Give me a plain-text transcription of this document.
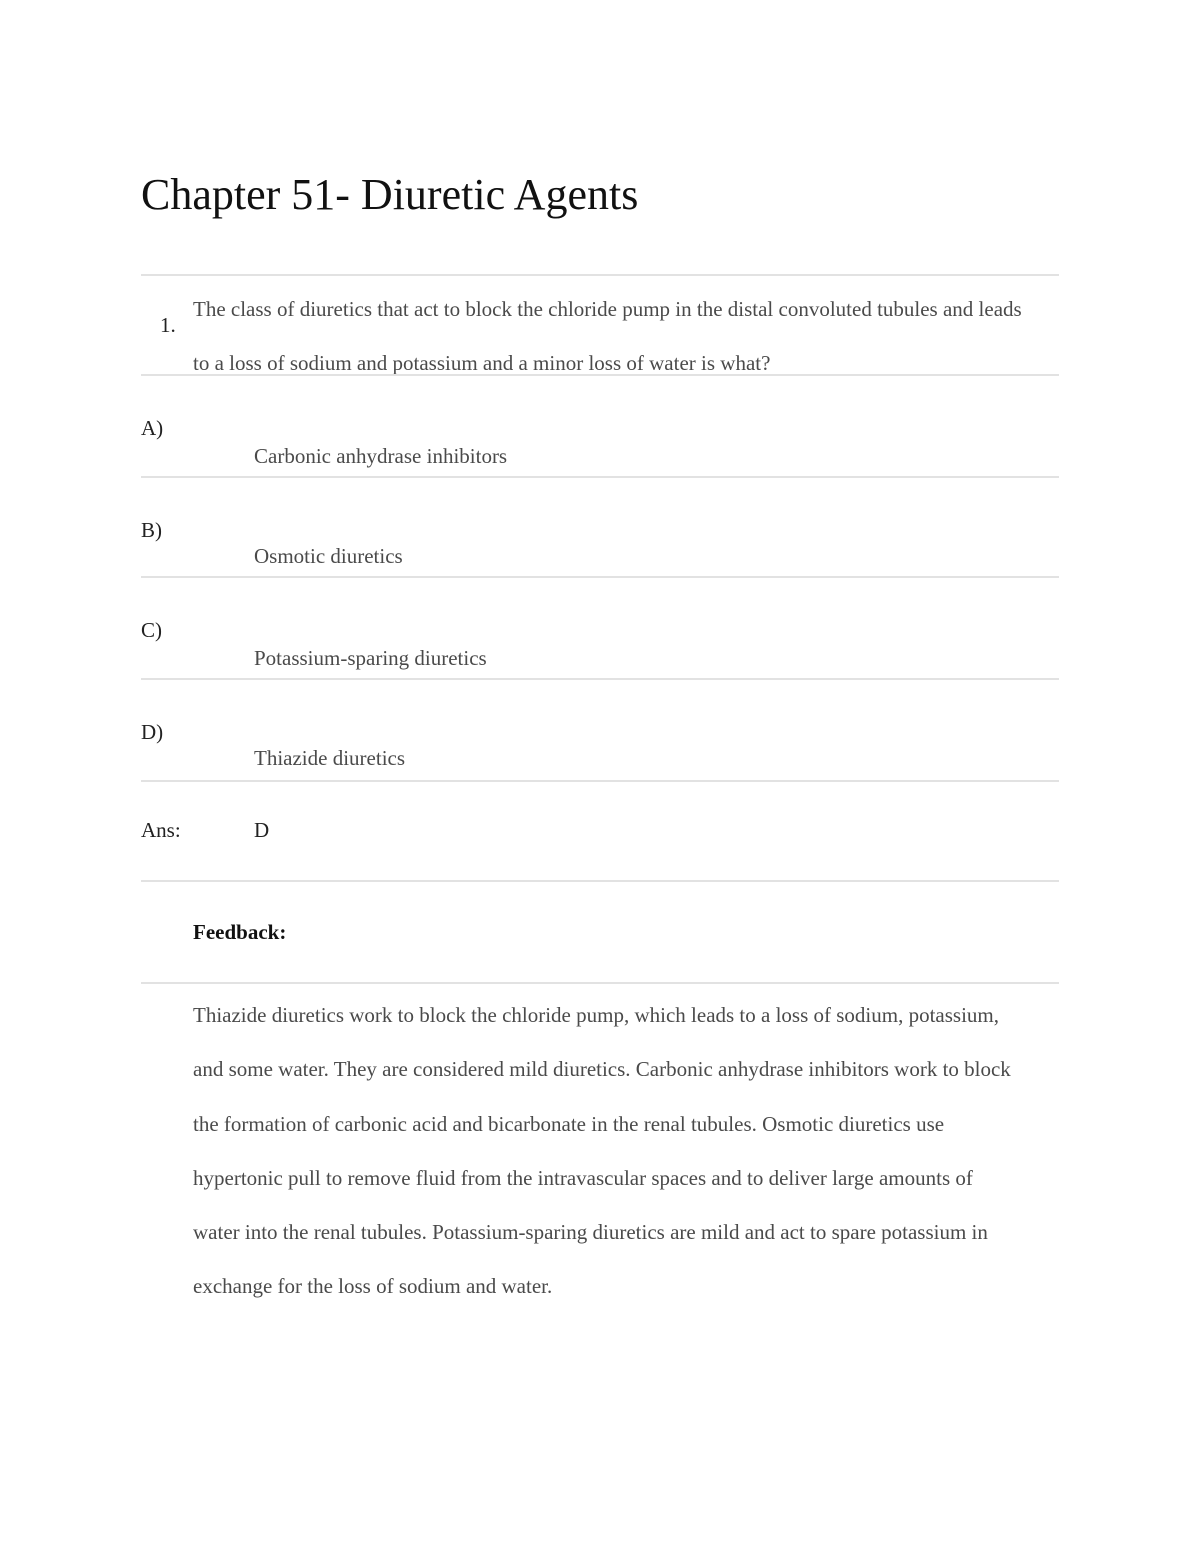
Chapter 51- Diuretic Agents
1.
The class of diuretics that act to block the chloride pump in the distal convoluted tubules and leads to a loss of sodium and potassium and a minor loss of water is what?
A)
Carbonic anhydrase inhibitors
B)
Osmotic diuretics
C)
Potassium-sparing diuretics
D)
Thiazide diuretics
Ans:	D
Feedback:
Thiazide diuretics work to block the chloride pump, which leads to a loss of sodium, potassium, and some water. They are considered mild diuretics. Carbonic anhydrase inhibitors work to block the formation of carbonic acid and bicarbonate in the renal tubules. Osmotic diuretics use hypertonic pull to remove fluid from the intravascular spaces and to deliver large amounts of water into the renal tubules. Potassium-sparing diuretics are mild and act to spare potassium in exchange for the loss of sodium and water.
